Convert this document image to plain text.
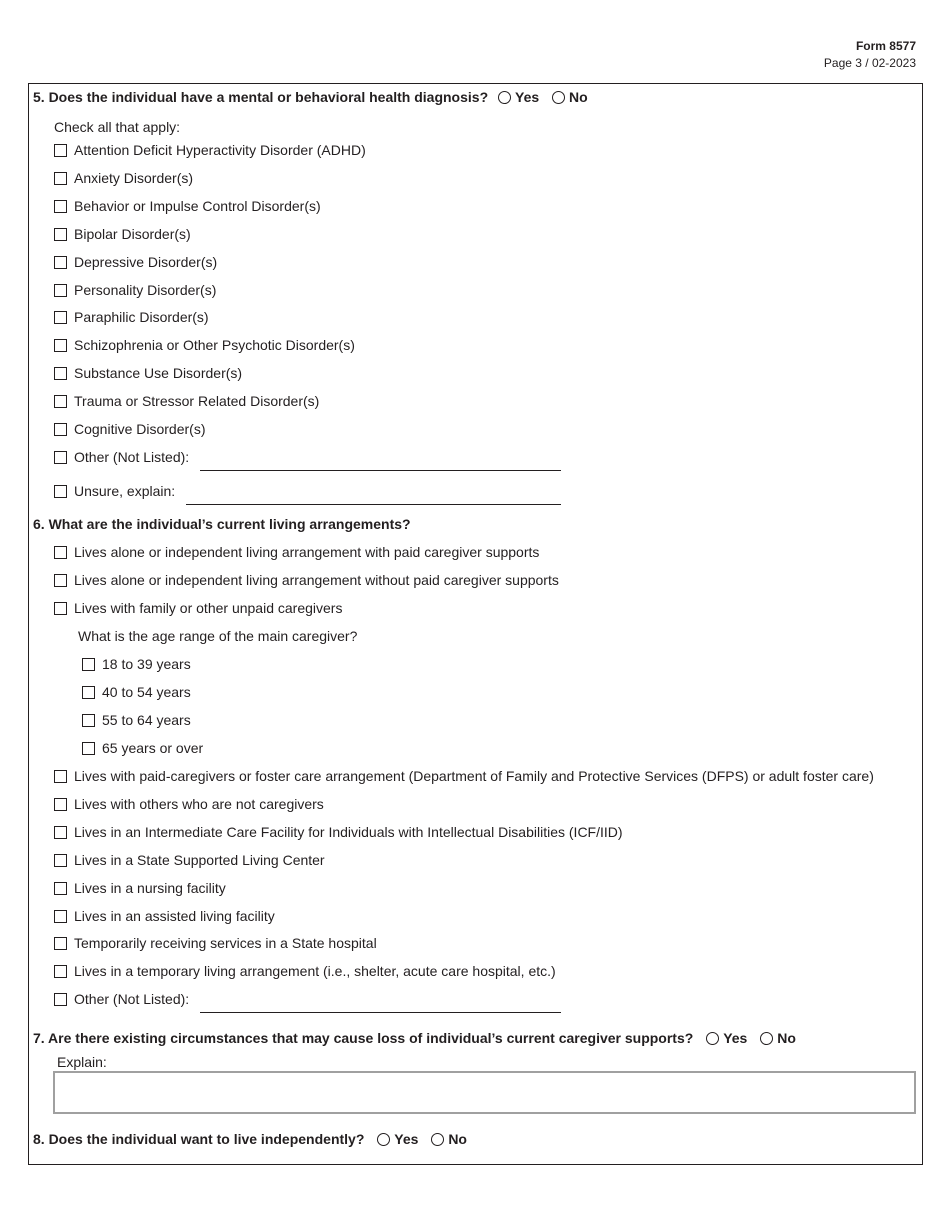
Form 8577
Page 3 / 02-2023
5. Does the individual have a mental or behavioral health diagnosis? Yes No
Check all that apply:
Attention Deficit Hyperactivity Disorder (ADHD)
Anxiety Disorder(s)
Behavior or Impulse Control Disorder(s)
Bipolar Disorder(s)
Depressive Disorder(s)
Personality Disorder(s)
Paraphilic Disorder(s)
Schizophrenia or Other Psychotic Disorder(s)
Substance Use Disorder(s)
Trauma or Stressor Related Disorder(s)
Cognitive Disorder(s)
Other (Not Listed):
Unsure, explain:
6. What are the individual’s current living arrangements?
Lives alone or independent living arrangement with paid caregiver supports
Lives alone or independent living arrangement without paid caregiver supports
Lives with family or other unpaid caregivers
What is the age range of the main caregiver?
18 to 39 years
40 to 54 years
55 to 64 years
65 years or over
Lives with paid-caregivers or foster care arrangement (Department of Family and Protective Services (DFPS) or adult foster care)
Lives with others who are not caregivers
Lives in an Intermediate Care Facility for Individuals with Intellectual Disabilities (ICF/IID)
Lives in a State Supported Living Center
Lives in a nursing facility
Lives in an assisted living facility
Temporarily receiving services in a State hospital
Lives in a temporary living arrangement (i.e., shelter, acute care hospital, etc.)
Other (Not Listed):
7. Are there existing circumstances that may cause loss of individual’s current caregiver supports? Yes No
Explain:
8. Does the individual want to live independently? Yes No
